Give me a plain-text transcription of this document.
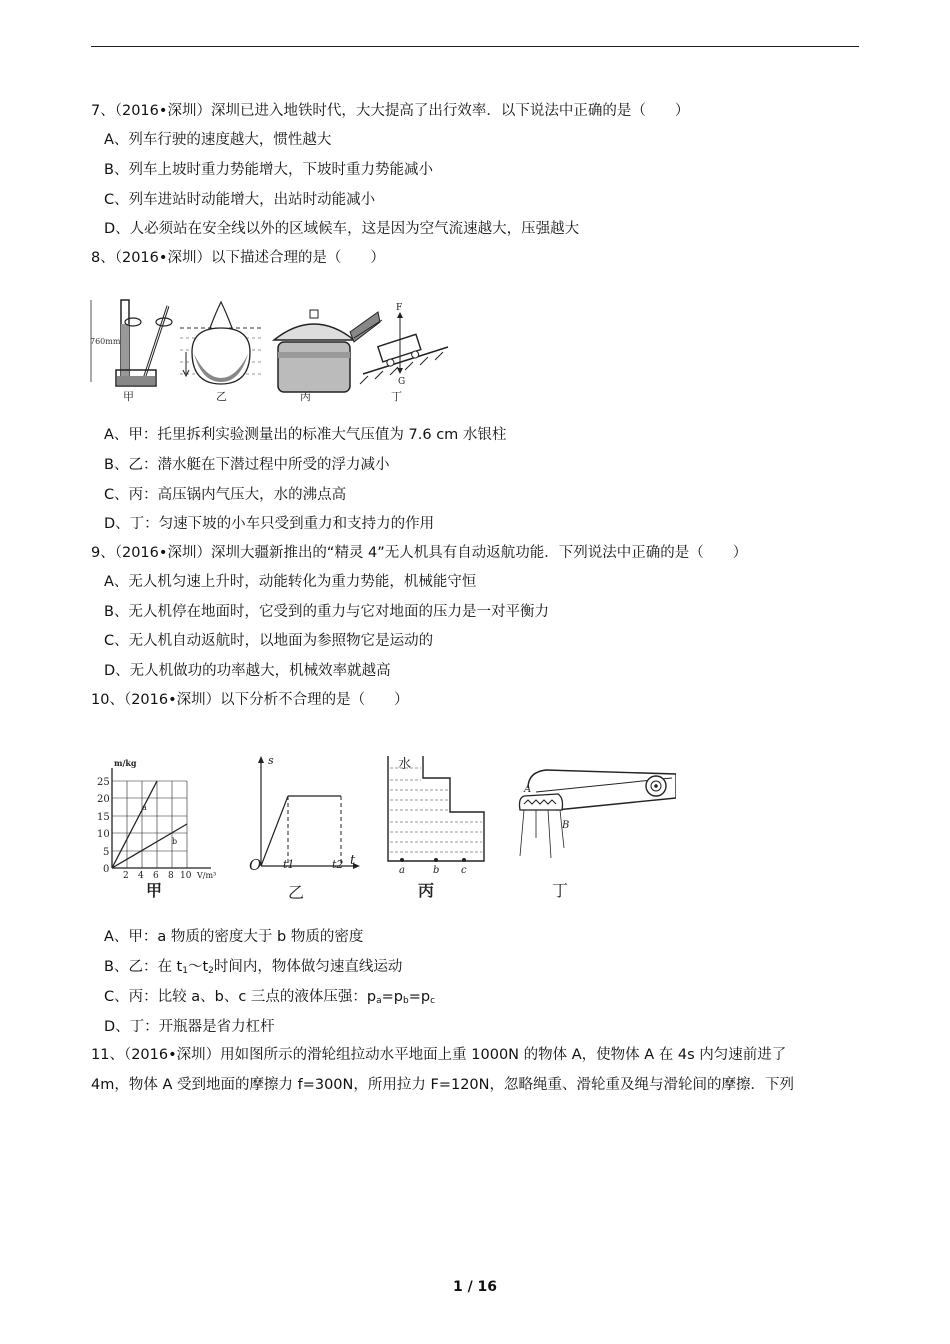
7、（2016•深圳）深圳已进入地铁时代，大大提高了出行效率．以下说法中正确的是（　　）
A、列车行驶的速度越大，惯性越大
B、列车上坡时重力势能增大，下坡时重力势能减小
C、列车进站时动能增大，出站时动能减小
D、人必须站在安全线以外的区域候车，这是因为空气流速越大，压强越大
8、（2016•深圳）以下描述合理的是（　　）
760mm
甲	乙	丙
F
G
丁
A、甲：托里拆利实验测量出的标准大气压值为 7.6 cm 水银柱
B、乙：潜水艇在下潜过程中所受的浮力减小
C、丙：高压锅内气压大，水的沸点高
D、丁：匀速下坡的小车只受到重力和支持力的作用
9、（2016•深圳）深圳大疆新推出的“精灵 4”无人机具有自动返航功能．下列说法中正确的是（　　）
A、无人机匀速上升时，动能转化为重力势能，机械能守恒
B、无人机停在地面时，它受到的重力与它对地面的压力是一对平衡力
C、无人机自动返航时，以地面为参照物它是运动的
D、无人机做功的功率越大，机械效率就越高
10、（2016•深圳）以下分析不合理的是（　　）
a
b
m/kg
25
20
15
10
5
0
2 4 6 8 10 V/m³
甲
s
O t1	t2 t
乙
a	b c
水
丙
A
B
丁
A、甲：a 物质的密度大于 b 物质的密度
B、乙：在 $t_1\sim t_2$时间内，物体做匀速直线运动
C、丙：比较 a、b、c 三点的液体压强：$p_a=p_b=p_c$
D、丁：开瓶器是省力杠杆
11、（2016•深圳）用如图所示的滑轮组拉动水平地面上重 1000N 的物体 A，使物体 A 在 4s 内匀速前进了
4m，物体 A 受到地面的摩擦力 f=300N，所用拉力 F=120N，忽略绳重、滑轮重及绳与滑轮间的摩擦．下列
1 / 16
